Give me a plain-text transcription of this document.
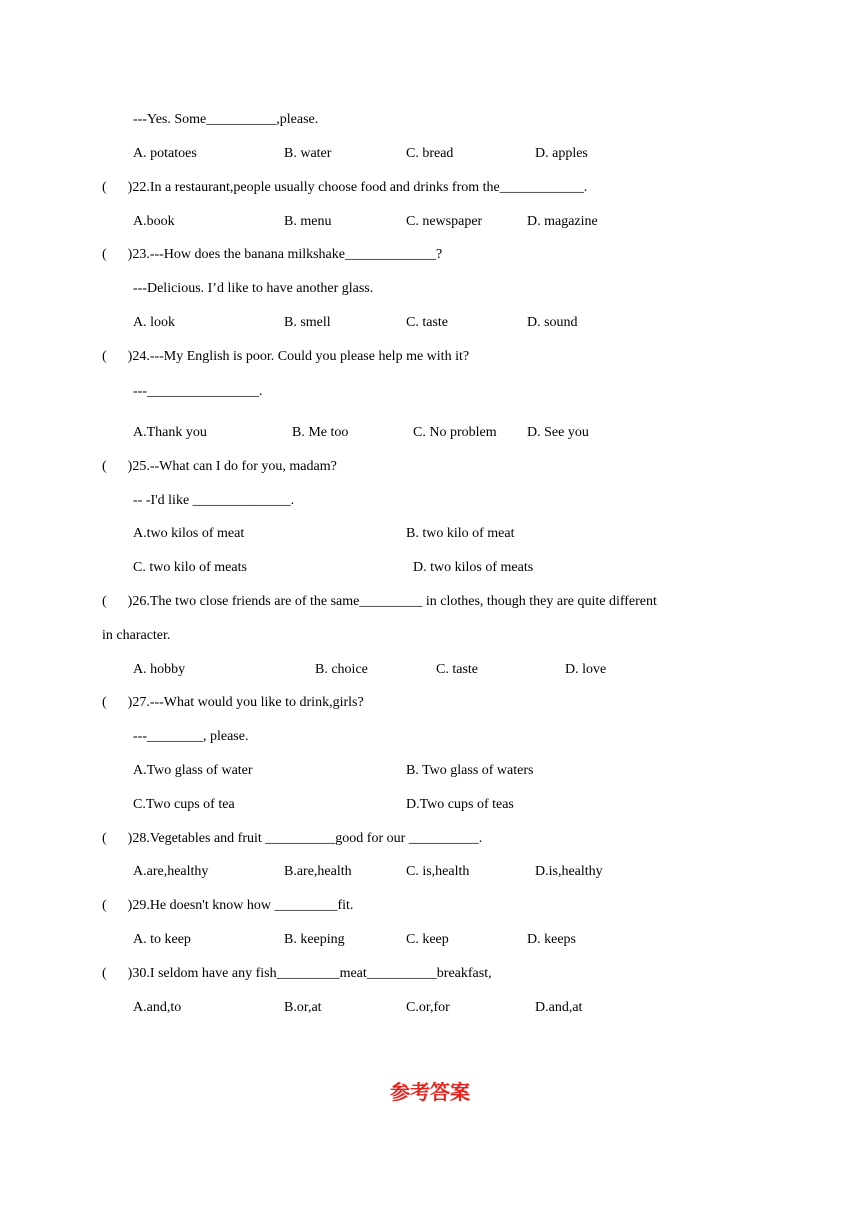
---Yes. Some__________,please.
A. potatoes	B. water	C. bread	D. apples
(      )22.In a restaurant,people usually choose food and drinks from the____________.
A.book	B. menu	C. newspaper	D. magazine
(      )23.---How does the banana milkshake_____________?
---Delicious. I’d like to have another glass.
A. look	B. smell	C. taste	D. sound
(      )24.---My English is poor. Could you please help me with it?
---________________.
A.Thank you	B. Me too	C. No problem D. See you
(      )25.--What can I do for you, madam?
-- -I'd like ______________.
A.two kilos of meat	B. two kilo of meat
C. two kilo of meats	D. two kilos of meats
(      )26.The two close friends are of the same_________ in clothes, though they are quite different
in character.
A. hobby	B. choice	C. taste	D. love
(      )27.---What would you like to drink,girls?
---________, please.
A.Two glass of water	B. Two glass of waters
C.Two cups of tea	D.Two cups of teas
(      )28.Vegetables and fruit __________good for our __________.
A.are,healthy	B.are,health	C. is,health	D.is,healthy
(      )29.He doesn't know how _________fit.
A. to keep	B. keeping	C. keep	D. keeps
(      )30.I seldom have any fish_________meat__________breakfast,
A.and,to	B.or,at	C.or,for	D.and,at
参考答案
